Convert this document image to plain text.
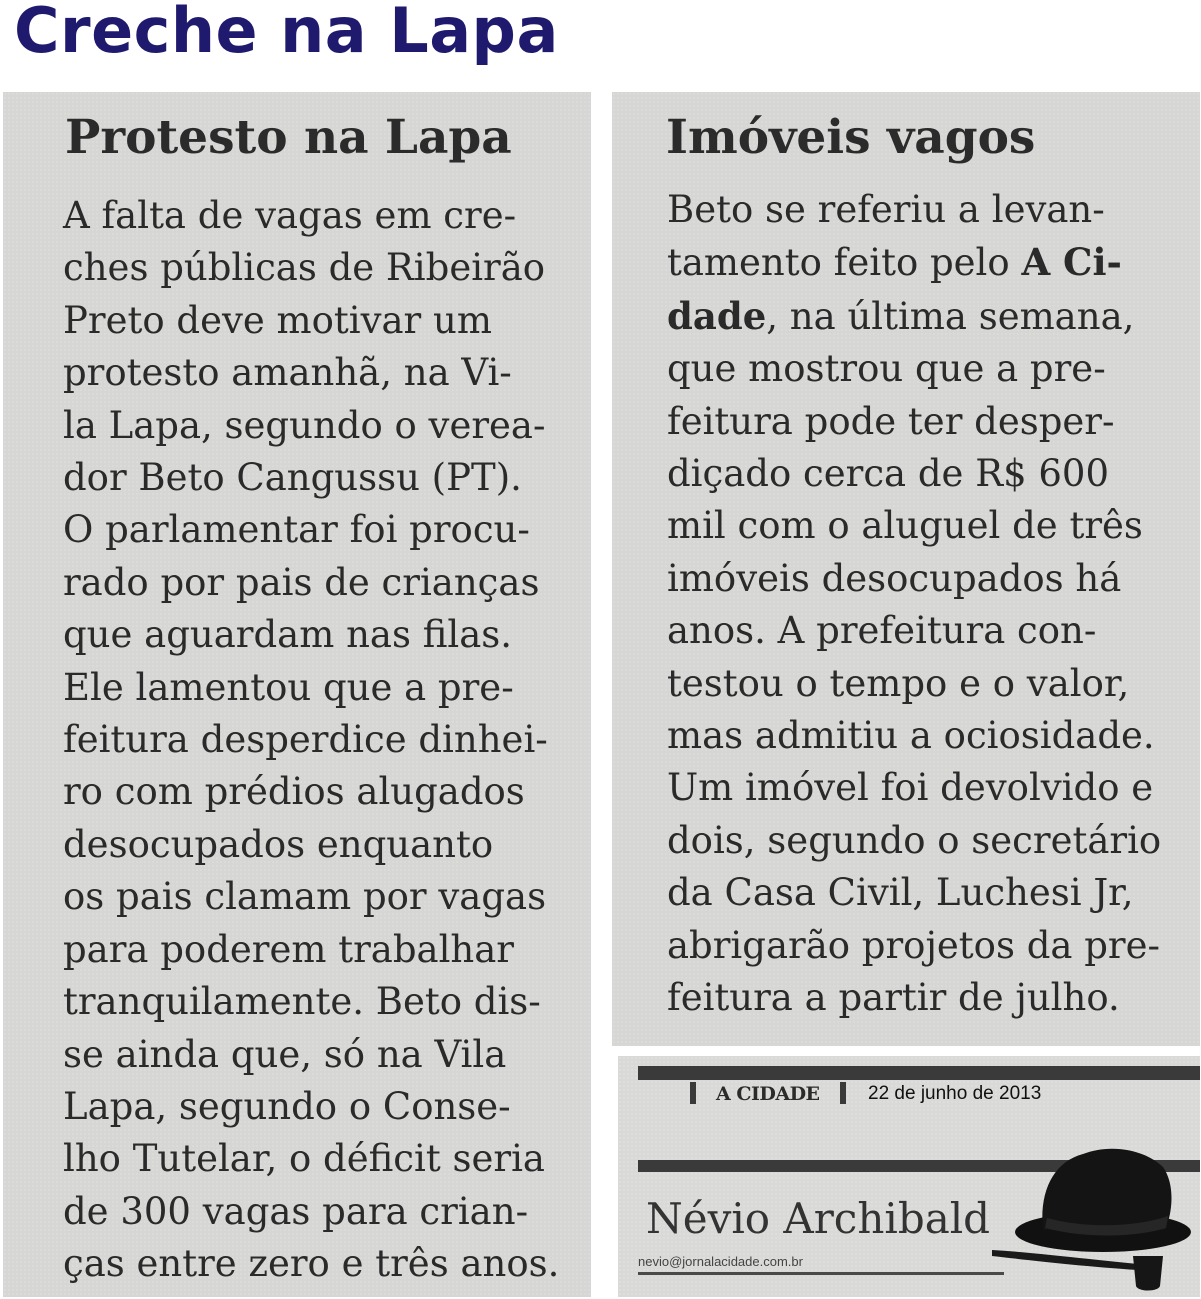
Creche na Lapa
Protesto na Lapa
A falta de vagas em cre-
ches públicas de Ribeirão
Preto deve motivar um
protesto amanhã, na Vi-
la Lapa, segundo o verea-
dor Beto Cangussu (PT).
O parlamentar foi procu-
rado por pais de crianças
que aguardam nas filas.
Ele lamentou que a pre-
feitura desperdice dinhei-
ro com prédios alugados
desocupados enquanto
os pais clamam por vagas
para poderem trabalhar
tranquilamente. Beto dis-
se ainda que, só na Vila
Lapa, segundo o Conse-
lho Tutelar, o déficit seria
de 300 vagas para crian-
ças entre zero e três anos.
Imóveis vagos
Beto se referiu a levan-
tamento feito pelo A Ci-
dade, na última semana,
que mostrou que a pre-
feitura pode ter desper-
diçado cerca de R$ 600
mil com o aluguel de três
imóveis desocupados há
anos. A prefeitura con-
testou o tempo e o valor,
mas admitiu a ociosidade.
Um imóvel foi devolvido e
dois, segundo o secretário
da Casa Civil, Luchesi Jr,
abrigarão projetos da pre-
feitura a partir de julho.
A CIDADE	22 de junho de 2013
Névio Archibald
nevio@jornalacidade.com.br
